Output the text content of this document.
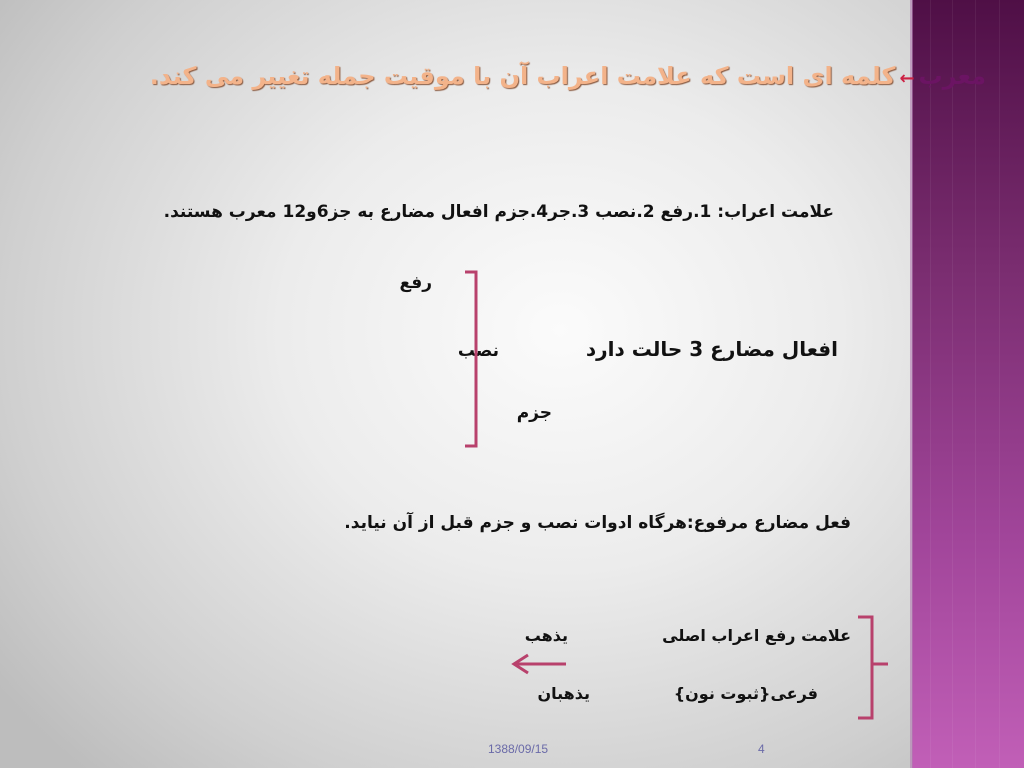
معرب←کلمه ای است که علامت اعراب آن با موقیت جمله تغییر می کند.
علامت اعراب: 1.رفع 2.نصب 3.جر4.جزم افعال مضارع به جز6و12 معرب هستند.
رفع
افعال مضارع 3 حالت دارد
نصب
جزم
فعل مضارع مرفوع:هرگاه ادوات نصب و جزم قبل از آن نیاید.
علامت رفع اعراب اصلی
یذهب
فرعی{ثبوت نون}
یذهبان
1388/09/15	4
